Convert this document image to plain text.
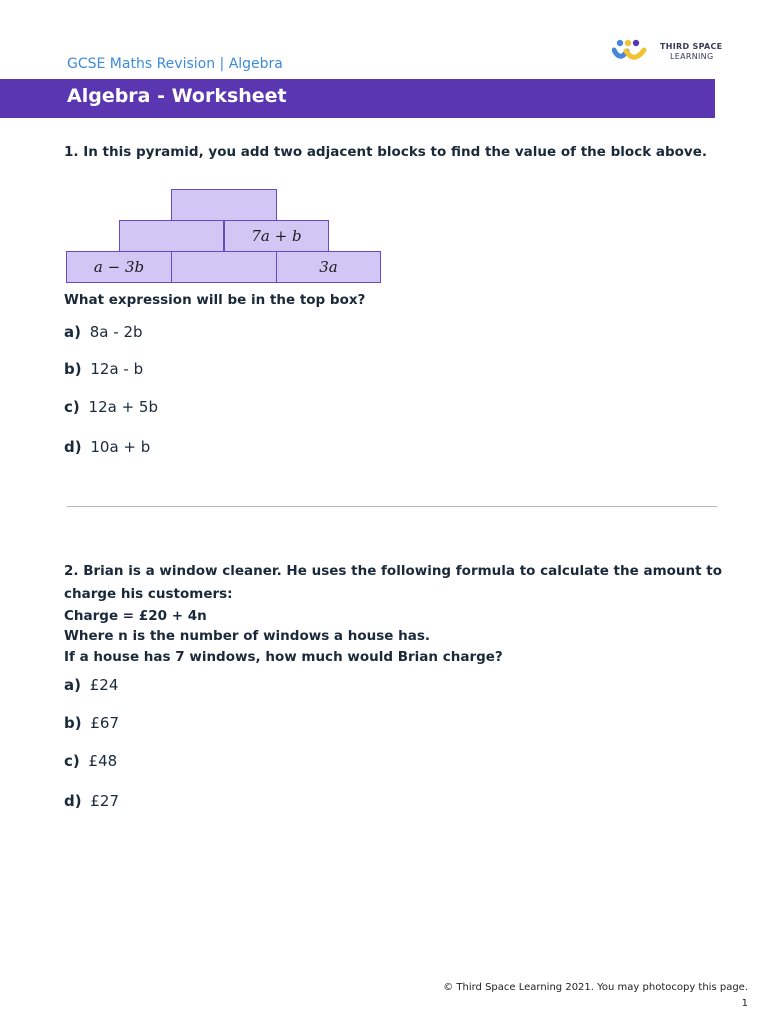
GCSE Maths Revision | Algebra
THIRD SPACE
LEARNING
Algebra - Worksheet
1. In this pyramid, you add two adjacent blocks to find the value of the block above.
7a + b
a − 3b	3a
What expression will be in the top box?
a) 8a - 2b
b) 12a - b
c) 12a + 5b
d) 10a + b
2. Brian is a window cleaner. He uses the following formula to calculate the amount to
charge his customers:
Charge = £20 + 4n
Where n is the number of windows a house has.
If a house has 7 windows, how much would Brian charge?
a) £24
b) £67
c) £48
d) £27
© Third Space Learning 2021. You may photocopy this page.
1
